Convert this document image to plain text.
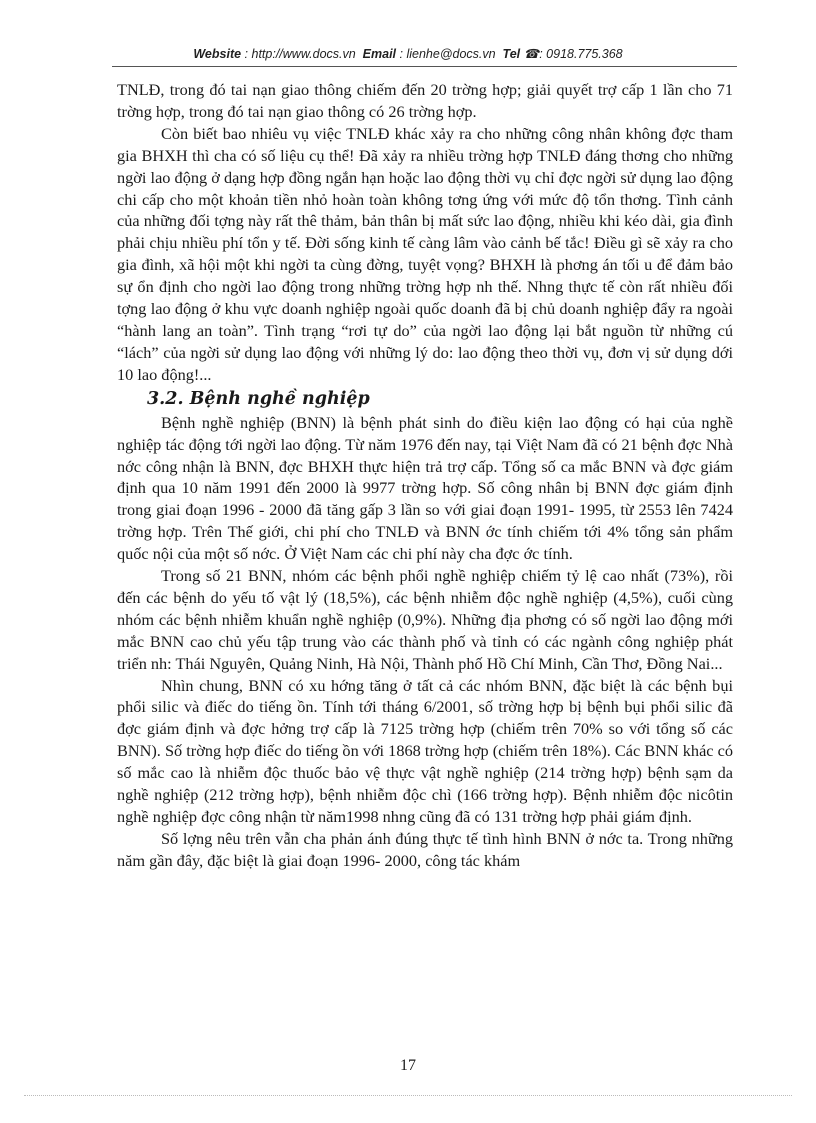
Website : http://www.docs.vn Email : lienhe@docs.vn Tel ☎: 0918.775.368

TNLĐ, trong đó tai nạn giao thông chiếm đến 20 trờng hợp; giải quyết trợ cấp 1 lần cho 71 trờng hợp, trong đó tai nạn giao thông có 26 trờng hợp.

Còn biết bao nhiêu vụ việc TNLĐ khác xảy ra cho những công nhân không đợc tham gia BHXH thì cha có số liệu cụ thể! Đã xảy ra nhiều trờng hợp TNLĐ đáng thơng cho những ngời lao động ở dạng hợp đồng ngắn hạn hoặc lao động thời vụ chỉ đợc ngời sử dụng lao động chi cấp cho một khoản tiền nhỏ hoàn toàn không tơng ứng với mức độ tổn thơng. Tình cảnh của những đối tợng này rất thê thảm, bản thân bị mất sức lao động, nhiều khi kéo dài, gia đình phải chịu nhiều phí tổn y tế. Đời sống kinh tế càng lâm vào cảnh bế tắc! Điều gì sẽ xảy ra cho gia đình, xã hội một khi ngời ta cùng đờng, tuyệt vọng? BHXH là phơng án tối u để đảm bảo sự ổn định cho ngời lao động trong những trờng hợp nh thế. Nhng thực tế còn rất nhiều đối tợng lao động ở khu vực doanh nghiệp ngoài quốc doanh đã bị chủ doanh nghiệp đẩy ra ngoài “hành lang an toàn”. Tình trạng “rơi tự do” của ngời lao động lại bắt nguồn từ những cú “lách” của ngời sử dụng lao động với những lý do: lao động theo thời vụ, đơn vị sử dụng dới 10 lao động!...

3.2. Bệnh nghề nghiệp

Bệnh nghề nghiệp (BNN) là bệnh phát sinh do điều kiện lao động có hại của nghề nghiệp tác động tới ngời lao động. Từ năm 1976 đến nay, tại Việt Nam đã có 21 bệnh đợc Nhà nớc công nhận là BNN, đợc BHXH thực hiện trả trợ cấp. Tổng số ca mắc BNN và đợc giám định qua 10 năm 1991 đến 2000 là 9977 trờng hợp. Số công nhân bị BNN đợc giám định trong giai đoạn 1996 - 2000 đã tăng gấp 3 lần so với giai đoạn 1991- 1995, từ 2553 lên 7424 trờng hợp. Trên Thế giới, chi phí cho TNLĐ và BNN ớc tính chiếm tới 4% tổng sản phẩm quốc nội của một số nớc. Ở Việt Nam các chi phí này cha đợc ớc tính.

Trong số 21 BNN, nhóm các bệnh phổi nghề nghiệp chiếm tỷ lệ cao nhất (73%), rồi đến các bệnh do yếu tố vật lý (18,5%), các bệnh nhiễm độc nghề nghiệp (4,5%), cuối cùng nhóm các bệnh nhiễm khuẩn nghề nghiệp (0,9%). Những địa phơng có số ngời lao động mới mắc BNN cao chủ yếu tập trung vào các thành phố và tỉnh có các ngành công nghiệp phát triển nh: Thái Nguyên, Quảng Ninh, Hà Nội, Thành phố Hồ Chí Minh, Cần Thơ, Đồng Nai...

Nhìn chung, BNN có xu hớng tăng ở tất cả các nhóm BNN, đặc biệt là các bệnh bụi phổi silic và điếc do tiếng ồn. Tính tới tháng 6/2001, số trờng hợp bị bệnh bụi phổi silic đã đợc giám định và đợc hởng trợ cấp là 7125 trờng hợp (chiếm trên 70% so với tổng số các BNN). Số trờng hợp điếc do tiếng ồn với 1868 trờng hợp (chiếm trên 18%). Các BNN khác có số mắc cao là nhiễm độc thuốc bảo vệ thực vật nghề nghiệp (214 trờng hợp) bệnh sạm da nghề nghiệp (212 trờng hợp), bệnh nhiễm độc chì (166 trờng hợp). Bệnh nhiễm độc nicôtin nghề nghiệp đợc công nhận từ năm1998 nhng cũng đã có 131 trờng hợp phải giám định.

Số lợng nêu trên vẫn cha phản ánh đúng thực tế tình hình BNN ở nớc ta. Trong những năm gần đây, đặc biệt là giai đoạn 1996- 2000, công tác khám

17
